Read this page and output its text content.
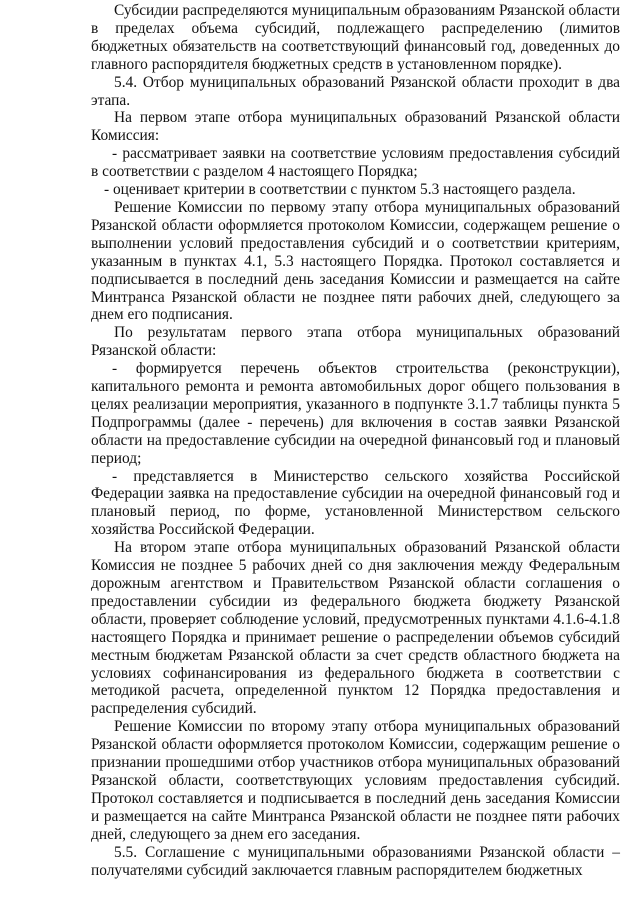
Субсидии распределяются муниципальным образованиям Рязанской области в пределах объема субсидий, подлежащего распределению (лимитов бюджетных обязательств на соответствующий финансовый год, доведенных до главного распорядителя бюджетных средств в установленном порядке).

5.4. Отбор муниципальных образований Рязанской области проходит в два этапа.

На первом этапе отбора муниципальных образований Рязанской области Комиссия:

- рассматривает заявки на соответствие условиям предоставления субсидий в соответствии с разделом 4 настоящего Порядка;

- оценивает критерии в соответствии с пунктом 5.3 настоящего раздела.

Решение Комиссии по первому этапу отбора муниципальных образований Рязанской области оформляется протоколом Комиссии, содержащем решение о выполнении условий предоставления субсидий и о соответствии критериям, указанным в пунктах 4.1, 5.3 настоящего Порядка. Протокол составляется и подписывается в последний день заседания Комиссии и размещается на сайте Минтранса Рязанской области не позднее пяти рабочих дней, следующего за днем его подписания.

По результатам первого этапа отбора муниципальных образований Рязанской области:

- формируется перечень объектов строительства (реконструкции), капитального ремонта и ремонта автомобильных дорог общего пользования в целях реализации мероприятия, указанного в подпункте 3.1.7 таблицы пункта 5 Подпрограммы (далее - перечень) для включения в состав заявки Рязанской области на предоставление субсидии на очередной финансовый год и плановый период;

- представляется в Министерство сельского хозяйства Российской Федерации заявка на предоставление субсидии на очередной финансовый год и плановый период, по форме, установленной Министерством сельского хозяйства Российской Федерации.

На втором этапе отбора муниципальных образований Рязанской области Комиссия не позднее 5 рабочих дней со дня заключения между Федеральным дорожным агентством и Правительством Рязанской области соглашения о предоставлении субсидии из федерального бюджета бюджету Рязанской области, проверяет соблюдение условий, предусмотренных пунктами 4.1.6-4.1.8 настоящего Порядка и принимает решение о распределении объемов субсидий местным бюджетам Рязанской области за счет средств областного бюджета на условиях софинансирования из федерального бюджета в соответствии с методикой расчета, определенной пунктом 12 Порядка предоставления и распределения субсидий.

Решение Комиссии по второму этапу отбора муниципальных образований Рязанской области оформляется протоколом Комиссии, содержащим решение о признании прошедшими отбор участников отбора муниципальных образований Рязанской области, соответствующих условиям предоставления субсидий. Протокол составляется и подписывается в последний день заседания Комиссии и размещается на сайте Минтранса Рязанской области не позднее пяти рабочих дней, следующего за днем его заседания.

5.5. Соглашение с муниципальными образованиями Рязанской области – получателями субсидий заключается главным распорядителем бюджетных
